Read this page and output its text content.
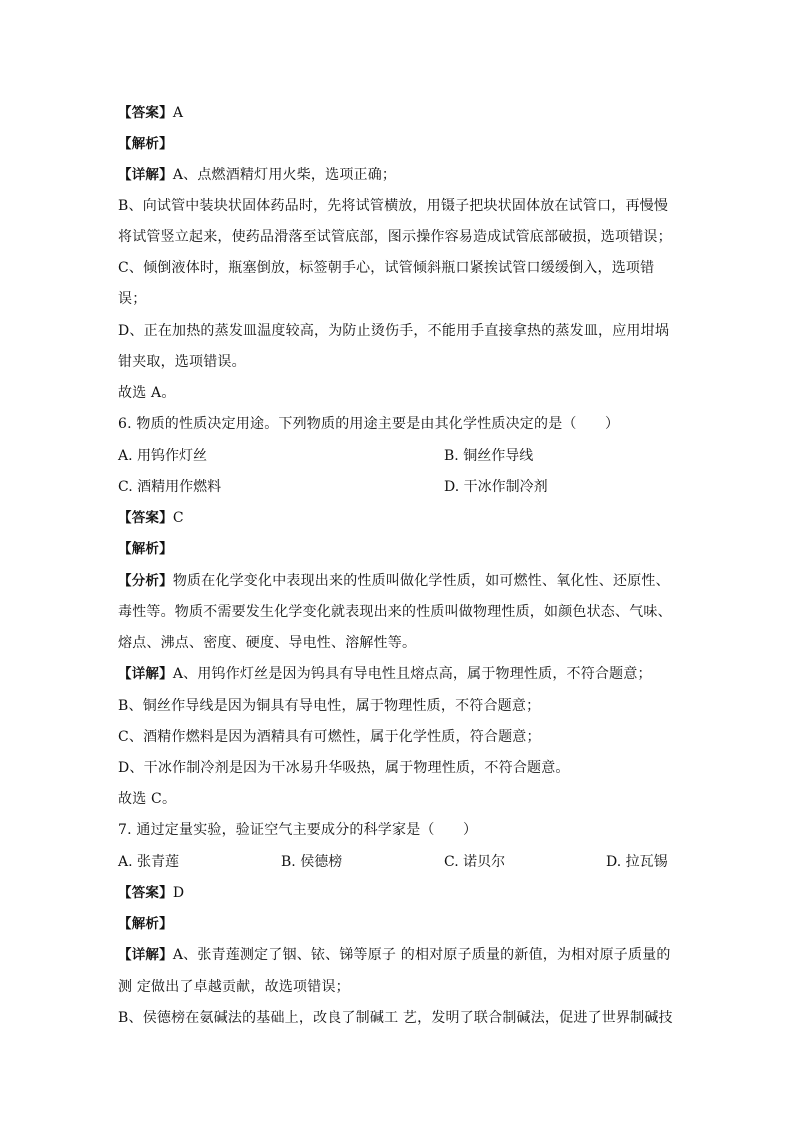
【答案】A
【解析】
【详解】A、点燃酒精灯用火柴，选项正确；
B、向试管中装块状固体药品时，先将试管横放，用镊子把块状固体放在试管口，再慢慢
将试管竖立起来，使药品滑落至试管底部，图示操作容易造成试管底部破损，选项错误；
C、倾倒液体时，瓶塞倒放，标签朝手心，试管倾斜瓶口紧挨试管口缓缓倒入，选项错
误；
D、正在加热的蒸发皿温度较高，为防止烫伤手，不能用手直接拿热的蒸发皿，应用坩埚
钳夹取，选项错误。
故选 A。
6. 物质的性质决定用途。下列物质的用途主要是由其化学性质决定的是（　　）
A. 用钨作灯丝	B. 铜丝作导线
C. 酒精用作燃料	D. 干冰作制冷剂
【答案】C
【解析】
【分析】物质在化学变化中表现出来的性质叫做化学性质，如可燃性、氧化性、还原性、
毒性等。物质不需要发生化学变化就表现出来的性质叫做物理性质，如颜色状态、气味、
熔点、沸点、密度、硬度、导电性、溶解性等。
【详解】A、用钨作灯丝是因为钨具有导电性且熔点高，属于物理性质，不符合题意；
B、铜丝作导线是因为铜具有导电性，属于物理性质，不符合题意；
C、酒精作燃料是因为酒精具有可燃性，属于化学性质，符合题意；
D、干冰作制冷剂是因为干冰易升华吸热，属于物理性质，不符合题意。
故选 C。
7. 通过定量实验，验证空气主要成分的科学家是（　　）
A. 张青莲	B. 侯德榜	C. 诺贝尔	D. 拉瓦锡
【答案】D
【解析】
【详解】A、张青莲测定了铟、铱、锑等原子 的相对原子质量的新值，为相对原子质量的
测 定做出了卓越贡献，故选项错误；
B、侯德榜在氨碱法的基础上，改良了制碱工 艺，发明了联合制碱法，促进了世界制碱技
